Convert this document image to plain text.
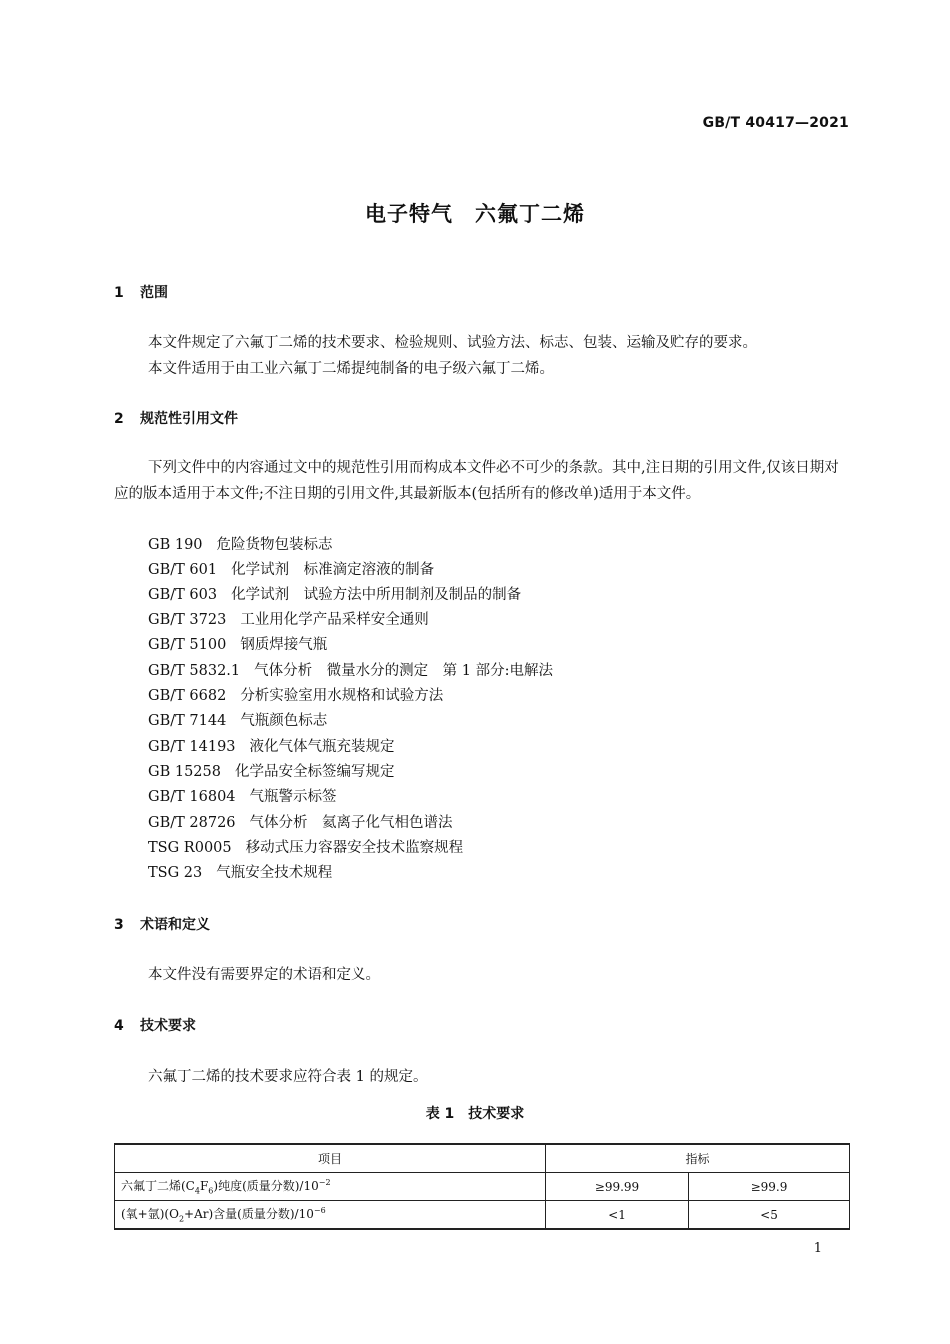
GB/T 40417—2021
电子特气　六氟丁二烯
1 范围
本文件规定了六氟丁二烯的技术要求、检验规则、试验方法、标志、包装、运输及贮存的要求。
本文件适用于由工业六氟丁二烯提纯制备的电子级六氟丁二烯。
2 规范性引用文件
下列文件中的内容通过文中的规范性引用而构成本文件必不可少的条款。其中,注日期的引用文件,仅该日期对应的版本适用于本文件;不注日期的引用文件,其最新版本(包括所有的修改单)适用于本文件。
GB 190 危险货物包装标志
GB/T 601 化学试剂　标准滴定溶液的制备
GB/T 603 化学试剂　试验方法中所用制剂及制品的制备
GB/T 3723 工业用化学产品采样安全通则
GB/T 5100 钢质焊接气瓶
GB/T 5832.1 气体分析　微量水分的测定　第 1 部分:电解法
GB/T 6682 分析实验室用水规格和试验方法
GB/T 7144 气瓶颜色标志
GB/T 14193 液化气体气瓶充装规定
GB 15258 化学品安全标签编写规定
GB/T 16804 气瓶警示标签
GB/T 28726 气体分析　氦离子化气相色谱法
TSG R0005 移动式压力容器安全技术监察规程
TSG 23 气瓶安全技术规程
3 术语和定义
本文件没有需要界定的术语和定义。
4 技术要求
六氟丁二烯的技术要求应符合表 1 的规定。
表 1　技术要求
项目	指标	
六氟丁二烯$(C_4F_6)$纯度(质量分数)$/10^{-2}$	≥99.99	≥99.9
(氧+氩)$(O_2+Ar)$含量(质量分数)$/10^{-6}$	<1	<5
1
